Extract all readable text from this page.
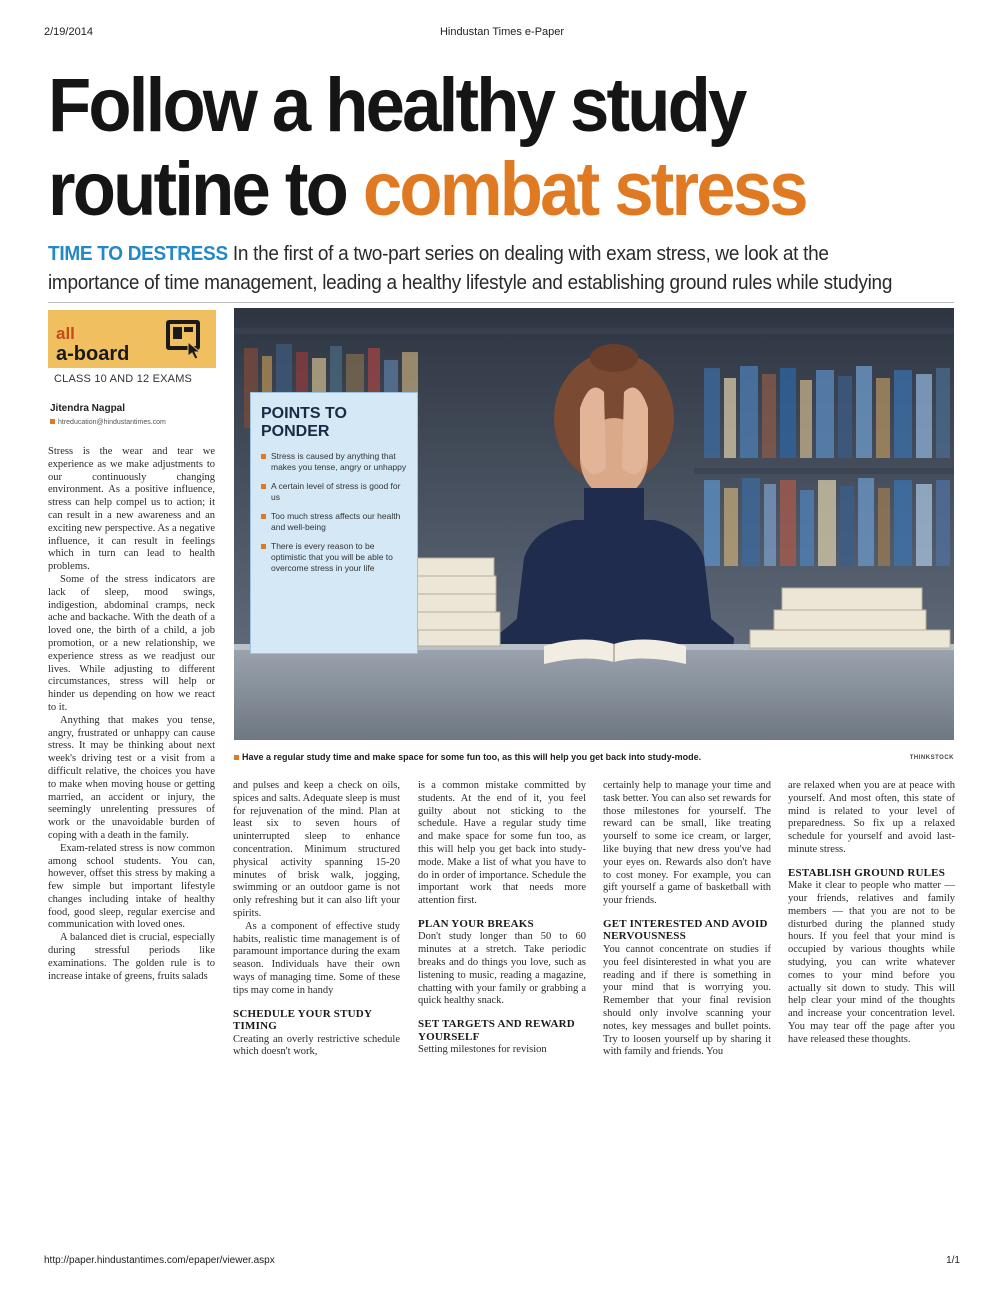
2/19/2014	Hindustan Times e-Paper
Follow a healthy study
routine to combat stress
TIME TO DESTRESS In the first of a two-part series on dealing with exam stress, we look at the importance of time management, leading a healthy lifestyle and establishing ground rules while studying
all
a-board
CLASS 10 AND 12 EXAMS
Jitendra Nagpal
htreducation@hindustantimes.com
POINTS TO PONDER
Stress is caused by anything that makes you tense, angry or unhappy
A certain level of stress is good for us
Too much stress affects our health and well-being
There is every reason to be optimistic that you will be able to overcome stress in your life
Have a regular study time and make space for some fun too, as this will help you get back into study-mode.	THINKSTOCK

Stress is the wear and tear we experience as we make adjustments to our continuously changing environment. As a positive influence, stress can help compel us to action; it can result in a new awareness and an exciting new perspective. As a negative influence, it can result in feelings which in turn can lead to health problems.

Some of the stress indicators are lack of sleep, mood swings, indigestion, abdominal cramps, neck ache and backache. With the death of a loved one, the birth of a child, a job promotion, or a new relationship, we experience stress as we readjust our lives. While adjusting to different circumstances, stress will help or hinder us depending on how we react to it.

Anything that makes you tense, angry, frustrated or unhappy can cause stress. It may be thinking about next week's driving test or a visit from a difficult relative, the choices you have to make when moving house or getting married, an accident or injury, the seemingly unrelenting pressures of work or the unavoidable burden of coping with a death in the family.

Exam-related stress is now common among school students. You can, however, offset this stress by making a few simple but important lifestyle changes including intake of healthy food, good sleep, regular exercise and communication with loved ones.

A balanced diet is crucial, especially during stressful periods like examinations. The golden rule is to increase intake of greens, fruits salads

and pulses and keep a check on oils, spices and salts. Adequate sleep is must for rejuvenation of the mind. Plan at least six to seven hours of uninterrupted sleep to enhance concentration. Minimum structured physical activity spanning 15-20 minutes of brisk walk, jogging, swimming or an outdoor game is not only refreshing but it can also lift your spirits.

As a component of effective study habits, realistic time management is of paramount importance during the exam season. Individuals have their own ways of managing time. Some of these tips may come in handy

SCHEDULE YOUR STUDY TIMING

Creating an overly restrictive schedule which doesn't work,

is a common mistake committed by students. At the end of it, you feel guilty about not sticking to the schedule. Have a regular study time and make space for some fun too, as this will help you get back into study-mode. Make a list of what you have to do in order of importance. Schedule the important work that needs more attention first.

PLAN YOUR BREAKS

Don't study longer than 50 to 60 minutes at a stretch. Take periodic breaks and do things you love, such as listening to music, reading a magazine, chatting with your family or grabbing a quick healthy snack.

SET TARGETS AND REWARD YOURSELF

Setting milestones for revision

certainly help to manage your time and task better. You can also set rewards for those milestones for yourself. The reward can be small, like treating yourself to some ice cream, or larger, like buying that new dress you've had your eyes on. Rewards also don't have to cost money. For example, you can gift yourself a game of basketball with your friends.

GET INTERESTED AND AVOID NERVOUSNESS

You cannot concentrate on studies if you feel disinterested in what you are reading and if there is something in your mind that is worrying you. Remember that your final revision should only involve scanning your notes, key messages and bullet points. Try to loosen yourself up by sharing it with family and friends. You

are relaxed when you are at peace with yourself. And most often, this state of mind is related to your level of preparedness. So fix up a relaxed schedule for yourself and avoid last-minute stress.

ESTABLISH GROUND RULES

Make it clear to people who matter — your friends, relatives and family members — that you are not to be disturbed during the planned study hours. If you feel that your mind is occupied by various thoughts while studying, you can write whatever comes to your mind before you actually sit down to study. This will help clear your mind of the thoughts and increase your concentration level. You may tear off the page after you have released these thoughts.

http://paper.hindustantimes.com/epaper/viewer.aspx	1/1
